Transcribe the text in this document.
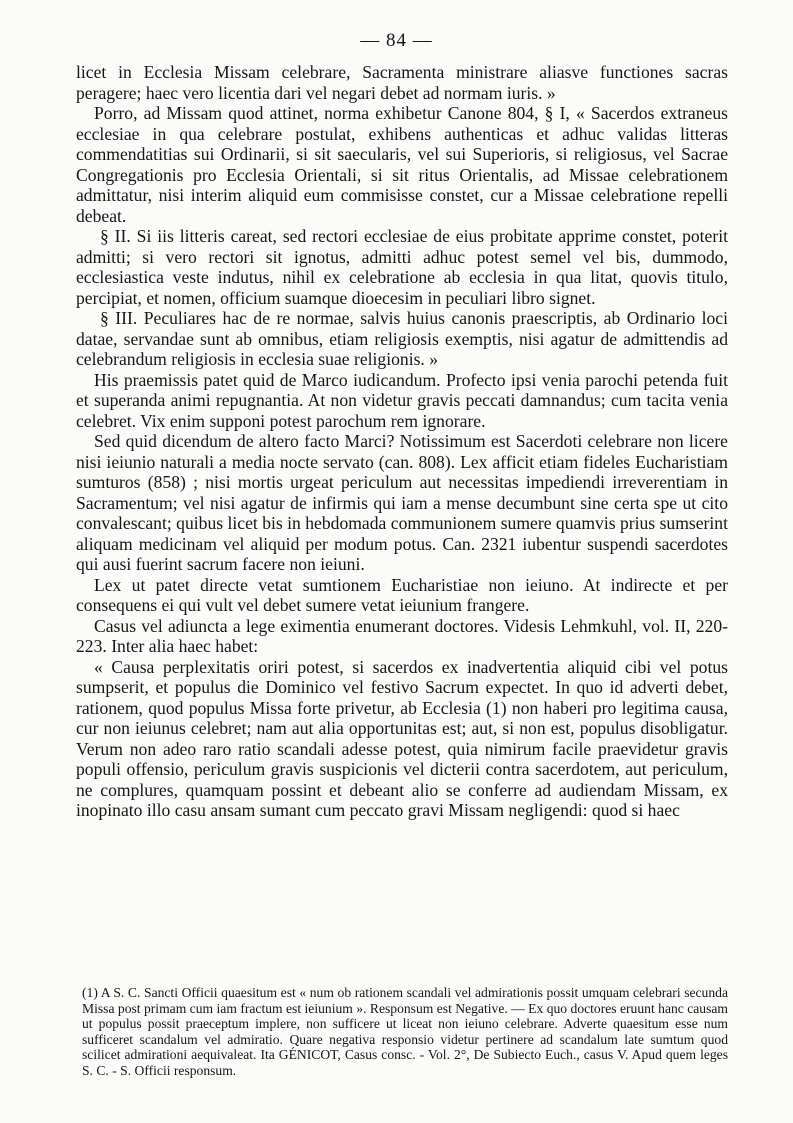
— 84 —

licet in Ecclesia Missam celebrare, Sacramenta ministrare aliasve functiones sacras peragere; haec vero licentia dari vel negari debet ad normam iuris. »

Porro, ad Missam quod attinet, norma exhibetur Canone 804, § I, « Sacerdos extraneus ecclesiae in qua celebrare postulat, exhibens authenticas et adhuc validas litteras commendatitias sui Ordinarii, si sit saecularis, vel sui Superioris, si religiosus, vel Sacrae Congregationis pro Ecclesia Orientali, si sit ritus Orientalis, ad Missae celebrationem admittatur, nisi interim aliquid eum commisisse constet, cur a Missae celebratione repelli debeat.

§ II. Si iis litteris careat, sed rectori ecclesiae de eius probitate apprime constet, poterit admitti; si vero rectori sit ignotus, admitti adhuc potest semel vel bis, dummodo, ecclesiastica veste indutus, nihil ex celebratione ab ecclesia in qua litat, quovis titulo, percipiat, et nomen, officium suamque dioecesim in peculiari libro signet.

§ III. Peculiares hac de re normae, salvis huius canonis praescriptis, ab Ordinario loci datae, servandae sunt ab omnibus, etiam religiosis exemptis, nisi agatur de admittendis ad celebrandum religiosis in ecclesia suae religionis. »

His praemissis patet quid de Marco iudicandum. Profecto ipsi venia parochi petenda fuit et superanda animi repugnantia. At non videtur gravis peccati damnandus; cum tacita venia celebret. Vix enim supponi potest parochum rem ignorare.

Sed quid dicendum de altero facto Marci? Notissimum est Sacerdoti celebrare non licere nisi ieiunio naturali a media nocte servato (can. 808). Lex afficit etiam fideles Eucharistiam sumturos (858) ; nisi mortis urgeat periculum aut necessitas impediendi irreverentiam in Sacramentum; vel nisi agatur de infirmis qui iam a mense decumbunt sine certa spe ut cito convalescant; quibus licet bis in hebdomada communionem sumere quamvis prius sumserint aliquam medicinam vel aliquid per modum potus. Can. 2321 iubentur suspendi sacerdotes qui ausi fuerint sacrum facere non ieiuni.

Lex ut patet directe vetat sumtionem Eucharistiae non ieiuno. At indirecte et per consequens ei qui vult vel debet sumere vetat ieiunium frangere.

Casus vel adiuncta a lege eximentia enumerant doctores. Videsis Lehmkuhl, vol. II, 220-223. Inter alia haec habet:

« Causa perplexitatis oriri potest, si sacerdos ex inadvertentia aliquid cibi vel potus sumpserit, et populus die Dominico vel festivo Sacrum expectet. In quo id adverti debet, rationem, quod populus Missa forte privetur, ab Ecclesia (1) non haberi pro legitima causa, cur non ieiunus celebret; nam aut alia opportunitas est; aut, si non est, populus disobligatur. Verum non adeo raro ratio scandali adesse potest, quia nimirum facile praevidetur gravis populi offensio, periculum gravis suspicionis vel dicterii contra sacerdotem, aut periculum, ne complures, quamquam possint et debeant alio se conferre ad audiendam Missam, ex inopinato illo casu ansam sumant cum peccato gravi Missam negligendi: quod si haec

(1) A S. C. Sancti Officii quaesitum est « num ob rationem scandali vel admirationis possit umquam celebrari secunda Missa post primam cum iam fractum est ieiunium ». Responsum est Negative. — Ex quo doctores eruunt hanc causam ut populus possit praeceptum implere, non sufficere ut liceat non ieiuno celebrare. Adverte quaesitum esse num sufficeret scandalum vel admiratio. Quare negativa responsio videtur pertinere ad scandalum late sumtum quod scilicet admirationi aequivaleat. Ita GÉNICOT, Casus consc. - Vol. 2°, De Subiecto Euch., casus V. Apud quem leges S. C. - S. Officii responsum.
